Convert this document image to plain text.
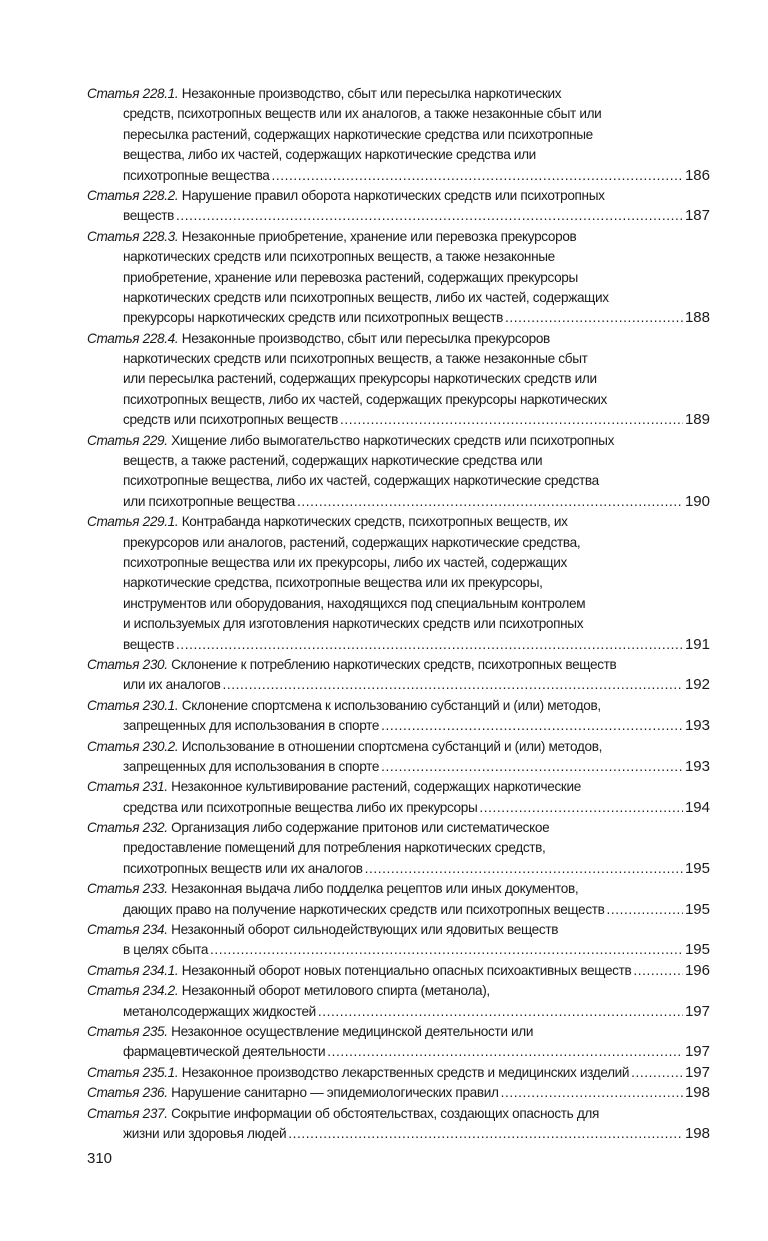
Статья 228.1. Незаконные производство, сбыт или пересылка наркотических
средств, психотропных веществ или их аналогов, а также незаконные сбыт или
пересылка растений, содержащих наркотические средства или психотропные
вещества, либо их частей, содержащих наркотические средства или
психотропные вещества .....	186
Статья 228.2. Нарушение правил оборота наркотических средств или психотропных
веществ .....	187
Статья 228.3. Незаконные приобретение, хранение или перевозка прекурсоров
наркотических средств или психотропных веществ, а также незаконные
приобретение, хранение или перевозка растений, содержащих прекурсоры
наркотических средств или психотропных веществ, либо их частей, содержащих
прекурсоры наркотических средств или психотропных веществ .....	188
Статья 228.4. Незаконные производство, сбыт или пересылка прекурсоров
наркотических средств или психотропных веществ, а также незаконные сбыт
или пересылка растений, содержащих прекурсоры наркотических средств или
психотропных веществ, либо их частей, содержащих прекурсоры наркотических
средств или психотропных веществ .....	189
Статья 229. Хищение либо вымогательство наркотических средств или психотропных
веществ, а также растений, содержащих наркотические средства или
психотропные вещества, либо их частей, содержащих наркотические средства
или психотропные вещества .....	190
Статья 229.1. Контрабанда наркотических средств, психотропных веществ, их
прекурсоров или аналогов, растений, содержащих наркотические средства,
психотропные вещества или их прекурсоры, либо их частей, содержащих
наркотические средства, психотропные вещества или их прекурсоры,
инструментов или оборудования, находящихся под специальным контролем
и используемых для изготовления наркотических средств или психотропных
веществ .....	191
Статья 230. Склонение к потреблению наркотических средств, психотропных веществ
или их аналогов .....	192
Статья 230.1. Склонение спортсмена к использованию субстанций и (или) методов,
запрещенных для использования в спорте .....	193
Статья 230.2. Использование в отношении спортсмена субстанций и (или) методов,
запрещенных для использования в спорте .....	193
Статья 231. Незаконное культивирование растений, содержащих наркотические
средства или психотропные вещества либо их прекурсоры .....	194
Статья 232. Организация либо содержание притонов или систематическое
предоставление помещений для потребления наркотических средств,
психотропных веществ или их аналогов .....	195
Статья 233. Незаконная выдача либо подделка рецептов или иных документов,
дающих право на получение наркотических средств или психотропных веществ .....	195
Статья 234. Незаконный оборот сильнодействующих или ядовитых веществ
в целях сбыта .....	195
Статья 234.1. Незаконный оборот новых потенциально опасных психоактивных веществ .....	196
Статья 234.2. Незаконный оборот метилового спирта (метанола),
метанолсодержащих жидкостей .....	197
Статья 235. Незаконное осуществление медицинской деятельности или
фармацевтической деятельности .....	197
Статья 235.1. Незаконное производство лекарственных средств и медицинских изделий .....	197
Статья 236. Нарушение санитарно — эпидемиологических правил .....	198
Статья 237. Сокрытие информации об обстоятельствах, создающих опасность для
жизни или здоровья людей .....	198
310
